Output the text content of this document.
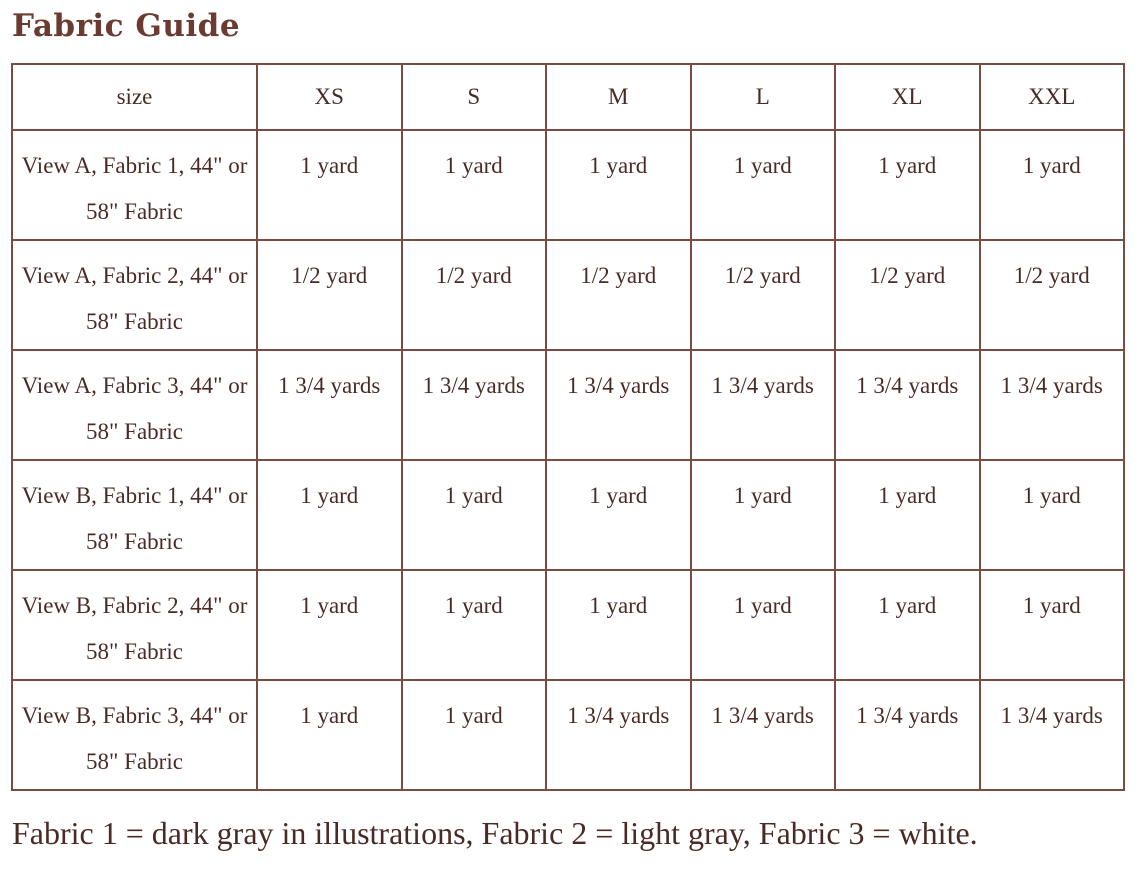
Fabric Guide
size	XS	S	M	L	XL	XXL
View A, Fabric 1, 44" or 58" Fabric	1 yard	1 yard	1 yard	1 yard	1 yard	1 yard
View A, Fabric 2, 44" or 58" Fabric	1/2 yard	1/2 yard	1/2 yard	1/2 yard	1/2 yard	1/2 yard
View A, Fabric 3, 44" or 58" Fabric	1 3/4 yards	1 3/4 yards	1 3/4 yards	1 3/4 yards	1 3/4 yards	1 3/4 yards
View B, Fabric 1, 44" or 58" Fabric	1 yard	1 yard	1 yard	1 yard	1 yard	1 yard
View B, Fabric 2, 44" or 58" Fabric	1 yard	1 yard	1 yard	1 yard	1 yard	1 yard
View B, Fabric 3, 44" or 58" Fabric	1 yard	1 yard	1 3/4 yards	1 3/4 yards	1 3/4 yards	1 3/4 yards

Fabric 1 = dark gray in illustrations, Fabric 2 = light gray, Fabric 3 = white.
